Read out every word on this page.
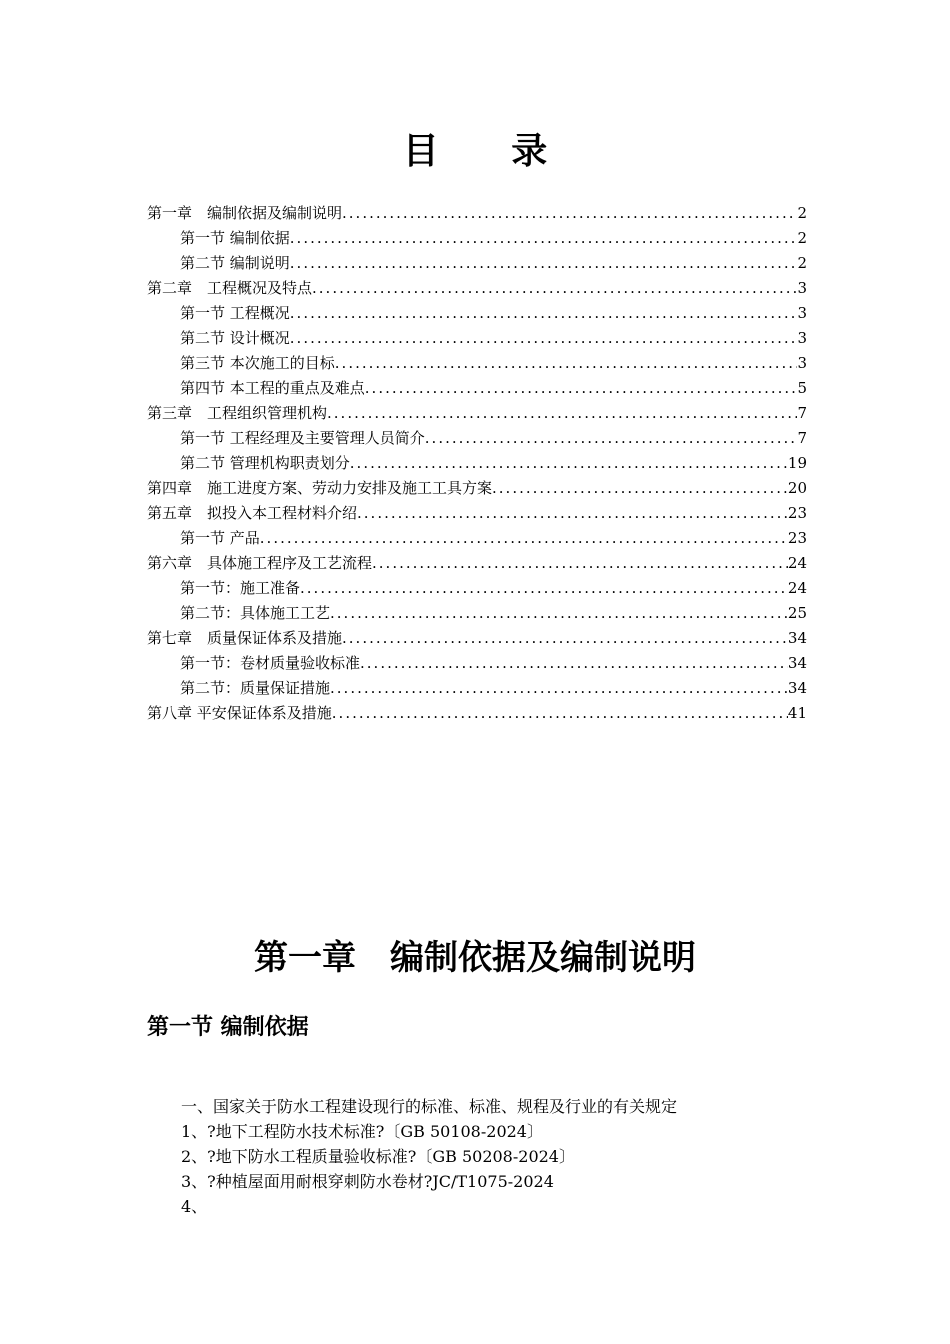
目 录
第一章　编制依据及编制说明 .....	2
第一节 编制依据 .....	2
第二节 编制说明 .....	2
第二章　工程概况及特点 .....	3
第一节 工程概况 .....	3
第二节 设计概况 .....	3
第三节 本次施工的目标 .....	3
第四节 本工程的重点及难点 .....	5
第三章　工程组织管理机构 .....	7
第一节 工程经理及主要管理人员简介 .....	7
第二节 管理机构职责划分 .....	19
第四章　施工进度方案、劳动力安排及施工工具方案 .....	20
第五章　拟投入本工程材料介绍 .....	23
第一节 产品 .....	23
第六章　具体施工程序及工艺流程 .....	24
第一节：施工准备 .....	24
第二节：具体施工工艺 .....	25
第七章　质量保证体系及措施 .....	34
第一节：卷材质量验收标准 .....	34
第二节：质量保证措施 .....	34
第八章 平安保证体系及措施 .....	41
第一章　编制依据及编制说明
第一节 编制依据
一、国家关于防水工程建设现行的标准、标准、规程及行业的有关规定
1、?地下工程防水技术标准?〔GB 50108-2024〕
2、?地下防水工程质量验收标准?〔GB 50208-2024〕
3、?种植屋面用耐根穿刺防水卷材?JC/T1075-2024
4、
